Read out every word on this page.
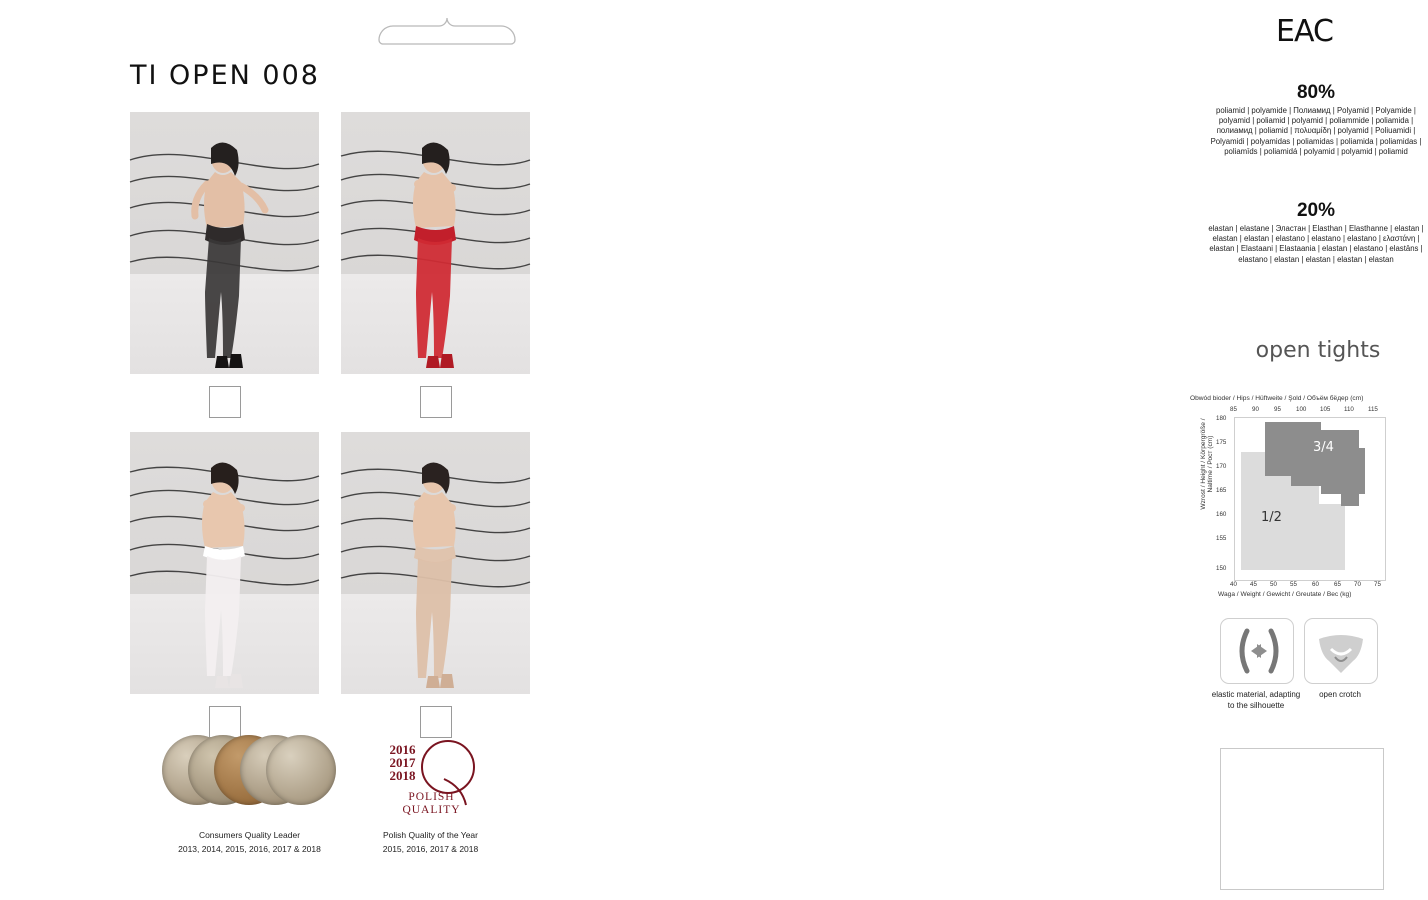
TI OPEN 008
Consumers Quality Leader
2013, 2014, 2015, 2016, 2017 & 2018
2016
2017
2018
POLISH
QUALITY
Polish Quality of the Year
2015, 2016, 2017 & 2018
EAC
80%
poliamid | polyamide | Полиамид | Polyamid | Polyamide | polyamid | poliamid | polyamid | poliammide | poliamida | полиамид | poliamid | πολυαμίδη | polyamid | Poliuamidi | Polyamidi | polyamidas | poliamidas | poliamida | poliamidas | poliamīds | poliamidá | polyamid | polyamid | poliamid
20%
elastan | elastane | Эластан | Elasthan | Elasthanne | elastan | elastan | elastan | elastano | elastano | elastano | ελαστάνη | elastan | Elastaani | Elastaania | elastan | elastano | elastāns | elastano | elastan | elastan | elastan | elastan
open tights
Obwód bioder / Hips / Hüftweite / Şold / Объём бёдер (cm)
Waga / Weight / Gewicht / Greutate / Вес (kg)
Wzrost / Height / Körpergröße / Naltime / Рост (cm)
85 90 95 100 105 110 115
180
175
170
165
160
155
150
3/4
1/2
40 45 50 55 60 65 70 75
elastic material, adapting to the silhouette
open crotch
